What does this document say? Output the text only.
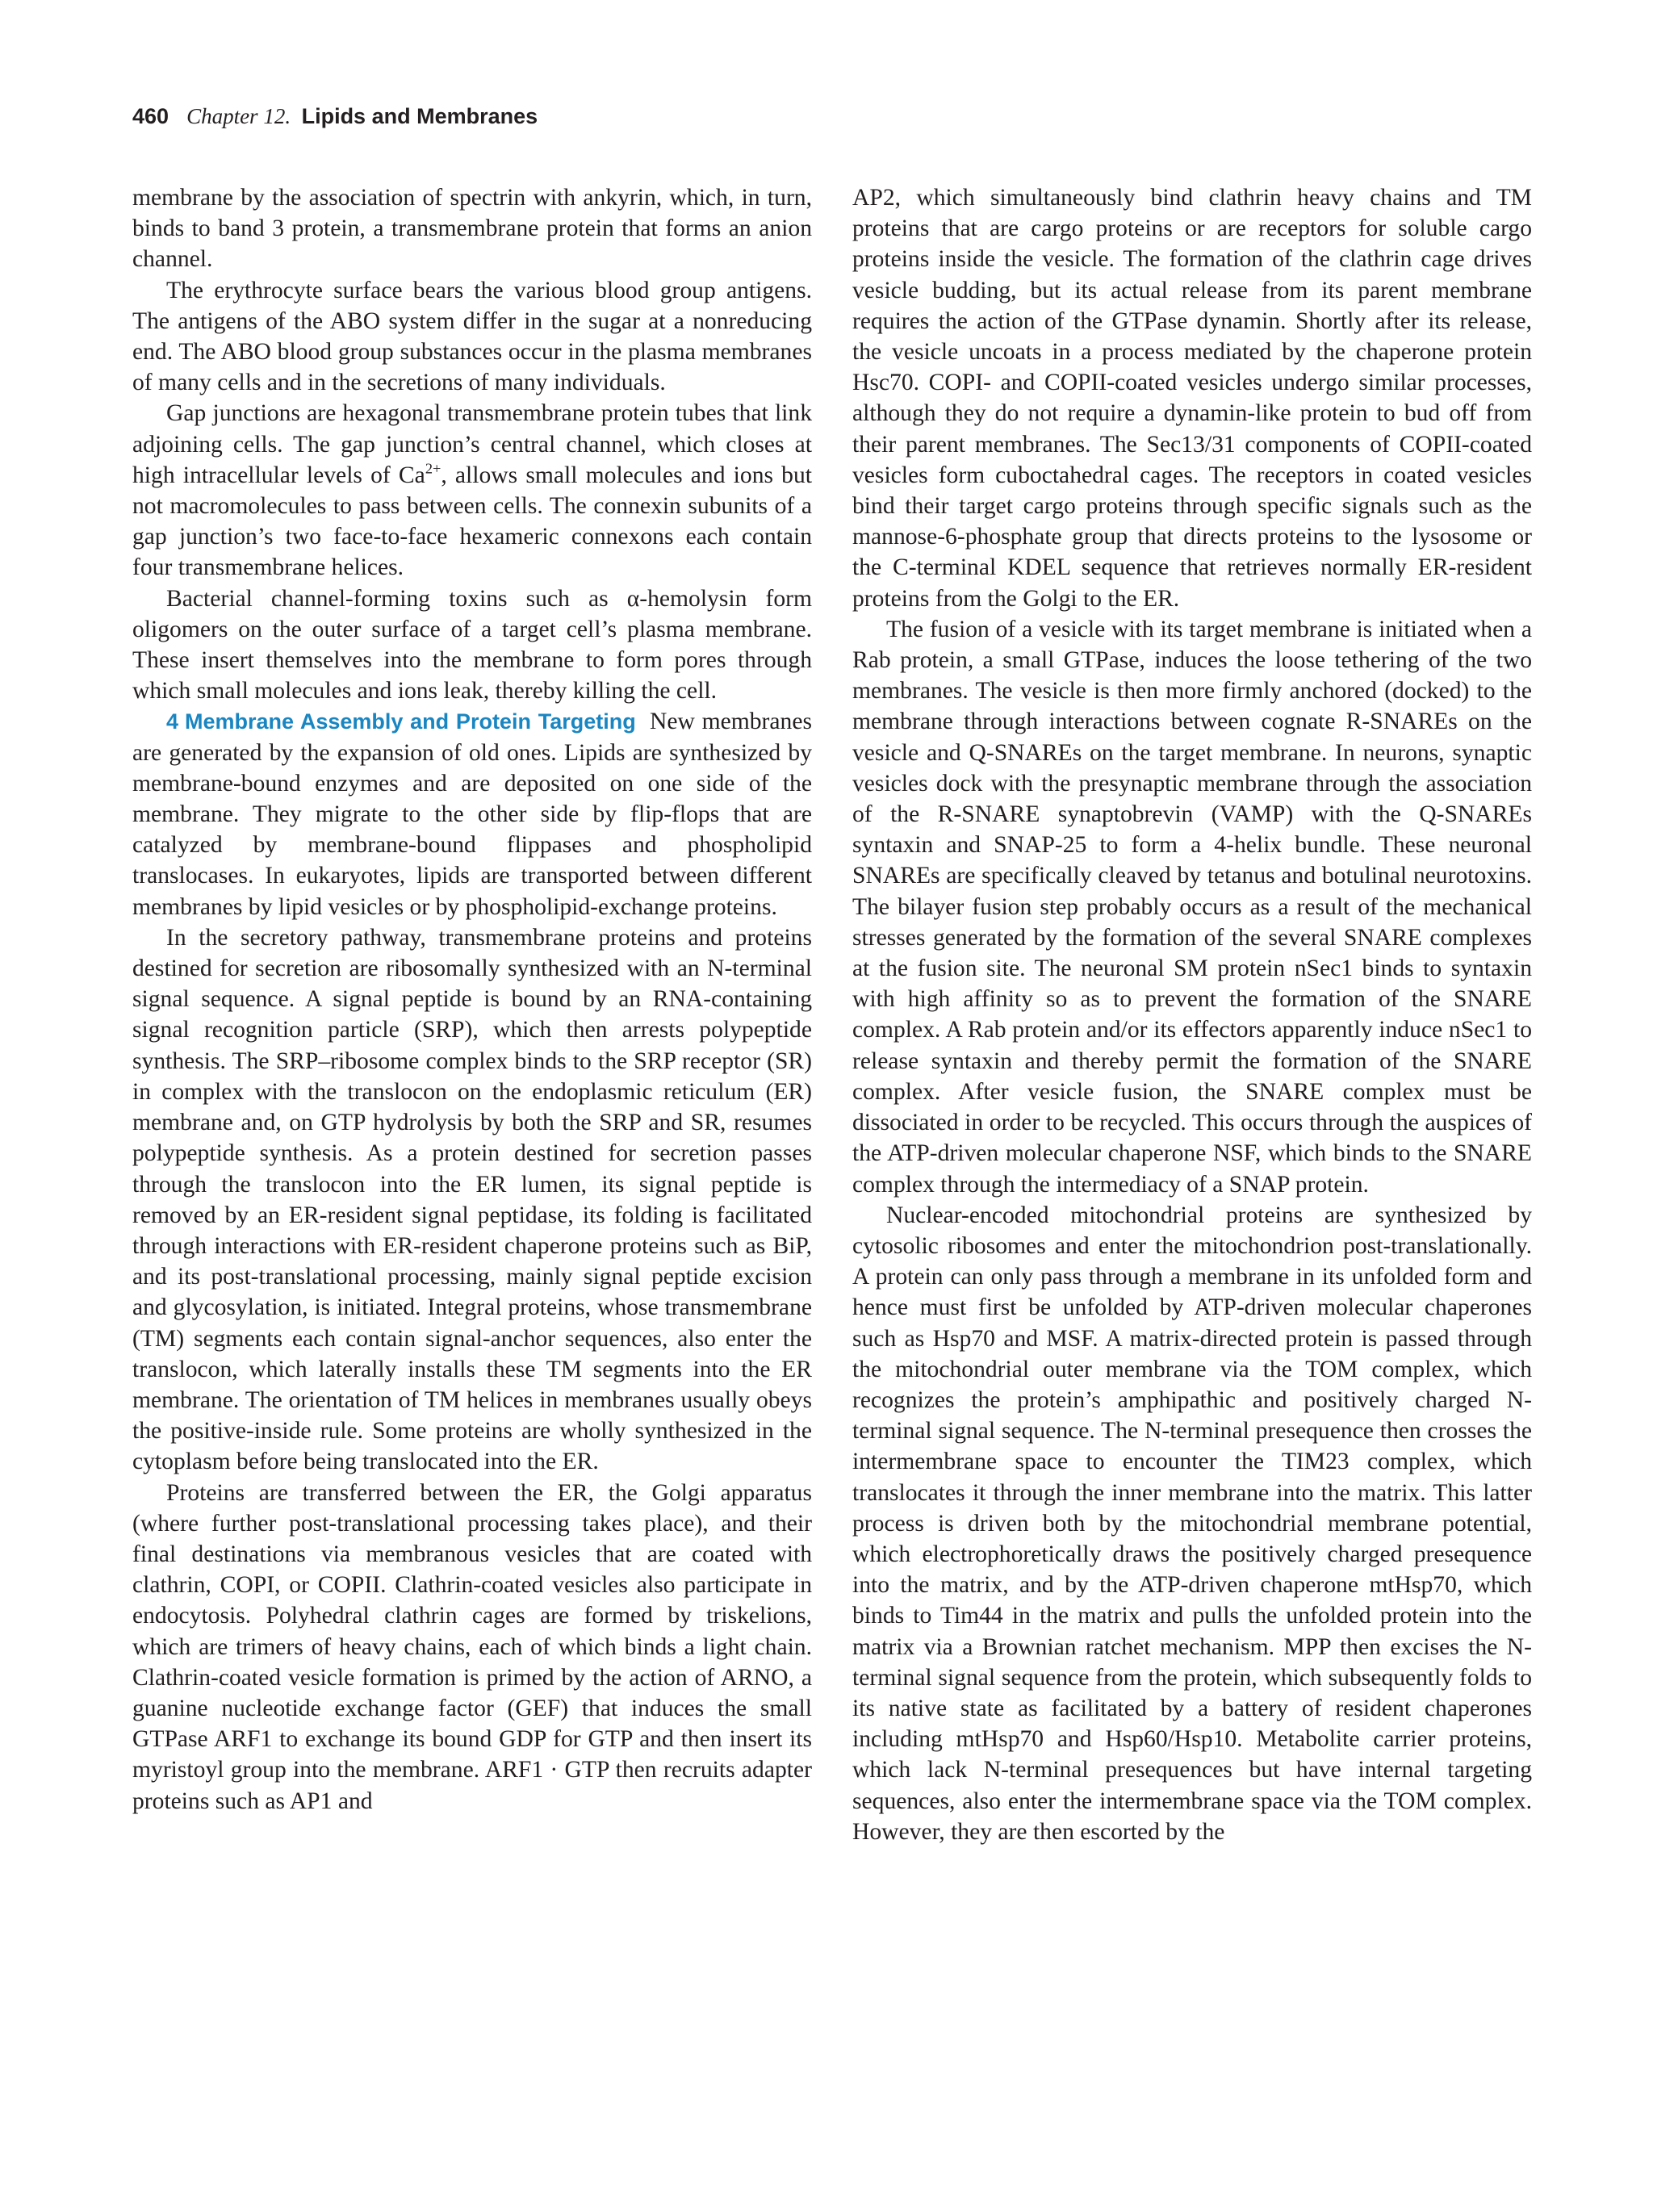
460 Chapter 12. Lipids and Membranes

membrane by the association of spectrin with ankyrin, which, in turn, binds to band 3 protein, a transmembrane protein that forms an anion channel.

The erythrocyte surface bears the various blood group antigens. The antigens of the ABO system differ in the sugar at a nonreducing end. The ABO blood group substances occur in the plasma membranes of many cells and in the secretions of many individuals.

Gap junctions are hexagonal transmembrane protein tubes that link adjoining cells. The gap junction’s central channel, which closes at high intracellular levels of $Ca^{2+}$, allows small molecules and ions but not macromolecules to pass between cells. The connexin subunits of a gap junction’s two face-to-face hexameric connexons each contain four transmembrane helices.

Bacterial channel-forming toxins such as α-hemolysin form oligomers on the outer surface of a target cell’s plasma membrane. These insert themselves into the membrane to form pores through which small molecules and ions leak, thereby killing the cell.

4 Membrane Assembly and Protein Targeting New membranes are generated by the expansion of old ones. Lipids are synthesized by membrane-bound enzymes and are deposited on one side of the membrane. They migrate to the other side by flip-flops that are catalyzed by membrane-bound flippases and phospholipid translocases. In eukaryotes, lipids are transported between different membranes by lipid vesicles or by phospholipid-exchange proteins.

In the secretory pathway, transmembrane proteins and proteins destined for secretion are ribosomally synthesized with an N-terminal signal sequence. A signal peptide is bound by an RNA-containing signal recognition particle (SRP), which then arrests polypeptide synthesis. The SRP–ribosome complex binds to the SRP receptor (SR) in complex with the translocon on the endoplasmic reticulum (ER) membrane and, on GTP hydrolysis by both the SRP and SR, resumes polypeptide synthesis. As a protein destined for secretion passes through the translocon into the ER lumen, its signal peptide is removed by an ER-resident signal peptidase, its folding is facilitated through interactions with ER-resident chaperone proteins such as BiP, and its post-translational processing, mainly signal peptide excision and glycosylation, is initiated. Integral proteins, whose transmembrane (TM) segments each contain signal-anchor sequences, also enter the translocon, which laterally installs these TM segments into the ER membrane. The orientation of TM helices in membranes usually obeys the positive-inside rule. Some proteins are wholly synthesized in the cytoplasm before being translocated into the ER.

Proteins are transferred between the ER, the Golgi apparatus (where further post-translational processing takes place), and their final destinations via membranous vesicles that are coated with clathrin, COPI, or COPII. Clathrin-coated vesicles also participate in endocytosis. Polyhedral clathrin cages are formed by triskelions, which are trimers of heavy chains, each of which binds a light chain. Clathrin-coated vesicle formation is primed by the action of ARNO, a guanine nucleotide exchange factor (GEF) that induces the small GTPase ARF1 to exchange its bound GDP for GTP and then insert its myristoyl group into the membrane. ARF1 · GTP then recruits adapter proteins such as AP1 and

AP2, which simultaneously bind clathrin heavy chains and TM proteins that are cargo proteins or are receptors for soluble cargo proteins inside the vesicle. The formation of the clathrin cage drives vesicle budding, but its actual release from its parent membrane requires the action of the GTPase dynamin. Shortly after its release, the vesicle uncoats in a process mediated by the chaperone protein Hsc70. COPI- and COPII-coated vesicles undergo similar processes, although they do not require a dynamin-like protein to bud off from their parent membranes. The Sec13/31 components of COPII-coated vesicles form cuboctahedral cages. The receptors in coated vesicles bind their target cargo proteins through specific signals such as the mannose-6-phosphate group that directs proteins to the lysosome or the C-terminal KDEL sequence that retrieves normally ER-resident proteins from the Golgi to the ER.

The fusion of a vesicle with its target membrane is initiated when a Rab protein, a small GTPase, induces the loose tethering of the two membranes. The vesicle is then more firmly anchored (docked) to the membrane through interactions between cognate R-SNAREs on the vesicle and Q-SNAREs on the target membrane. In neurons, synaptic vesicles dock with the presynaptic membrane through the association of the R-SNARE synaptobrevin (VAMP) with the Q-SNAREs syntaxin and SNAP-25 to form a 4-helix bundle. These neuronal SNAREs are specifically cleaved by tetanus and botulinal neurotoxins. The bilayer fusion step probably occurs as a result of the mechanical stresses generated by the formation of the several SNARE complexes at the fusion site. The neuronal SM protein nSec1 binds to syntaxin with high affinity so as to prevent the formation of the SNARE complex. A Rab protein and/or its effectors apparently induce nSec1 to release syntaxin and thereby permit the formation of the SNARE complex. After vesicle fusion, the SNARE complex must be dissociated in order to be recycled. This occurs through the auspices of the ATP-driven molecular chaperone NSF, which binds to the SNARE complex through the intermediacy of a SNAP protein.

Nuclear-encoded mitochondrial proteins are synthesized by cytosolic ribosomes and enter the mitochondrion post-translationally. A protein can only pass through a membrane in its unfolded form and hence must first be unfolded by ATP-driven molecular chaperones such as Hsp70 and MSF. A matrix-directed protein is passed through the mitochondrial outer membrane via the TOM complex, which recognizes the protein’s amphipathic and positively charged N-terminal signal sequence. The N-terminal presequence then crosses the intermembrane space to encounter the TIM23 complex, which translocates it through the inner membrane into the matrix. This latter process is driven both by the mitochondrial membrane potential, which electrophoretically draws the positively charged presequence into the matrix, and by the ATP-driven chaperone mtHsp70, which binds to Tim44 in the matrix and pulls the unfolded protein into the matrix via a Brownian ratchet mechanism. MPP then excises the N-terminal signal sequence from the protein, which subsequently folds to its native state as facilitated by a battery of resident chaperones including mtHsp70 and Hsp60/Hsp10. Metabolite carrier proteins, which lack N-terminal presequences but have internal targeting sequences, also enter the intermembrane space via the TOM complex. However, they are then escorted by the
